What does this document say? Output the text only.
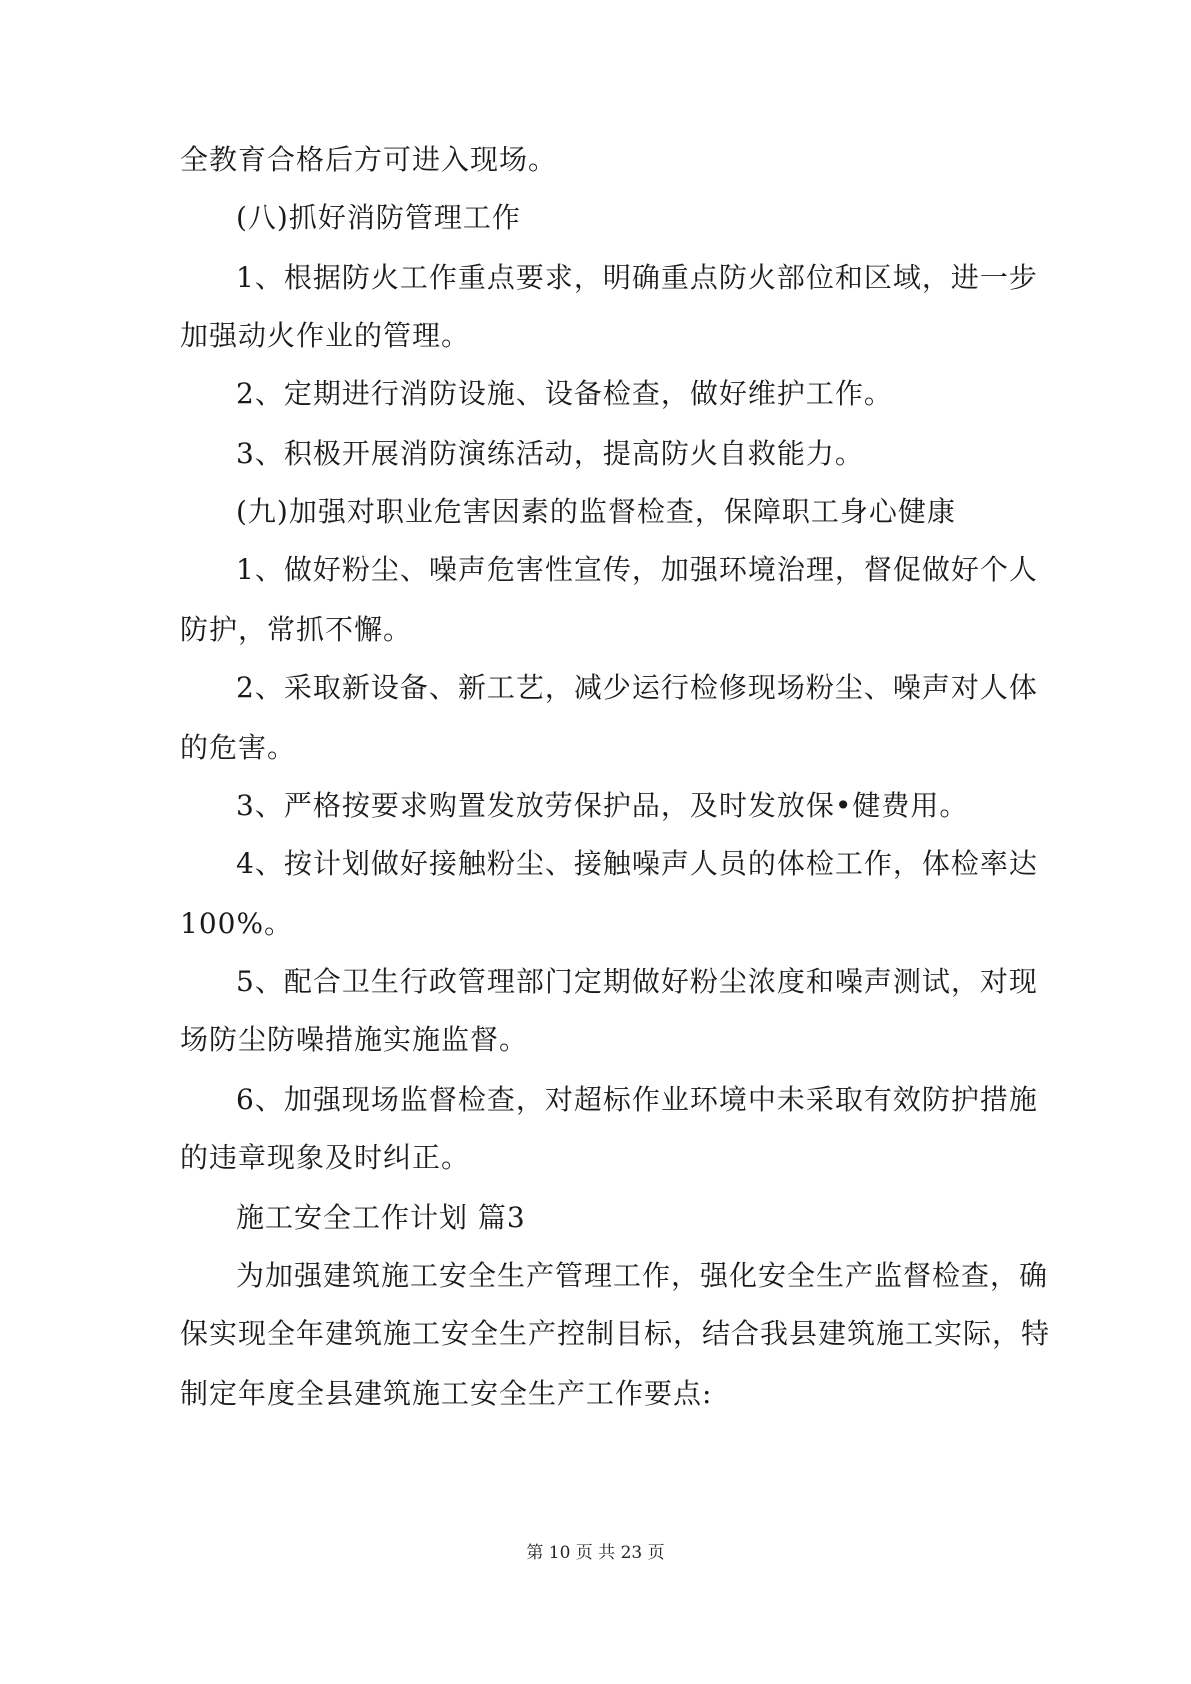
全教育合格后方可进入现场。
(八)抓好消防管理工作
1、根据防火工作重点要求，明确重点防火部位和区域，进一步
加强动火作业的管理。
2、定期进行消防设施、设备检查，做好维护工作。
3、积极开展消防演练活动，提高防火自救能力。
(九)加强对职业危害因素的监督检查，保障职工身心健康
1、做好粉尘、噪声危害性宣传，加强环境治理，督促做好个人
防护，常抓不懈。
2、采取新设备、新工艺，减少运行检修现场粉尘、噪声对人体
的危害。
3、严格按要求购置发放劳保护品，及时发放保•健费用。
4、按计划做好接触粉尘、接触噪声人员的体检工作，体检率达
100%。
5、配合卫生行政管理部门定期做好粉尘浓度和噪声测试，对现
场防尘防噪措施实施监督。
6、加强现场监督检查，对超标作业环境中未采取有效防护措施
的违章现象及时纠正。
施工安全工作计划 篇3
为加强建筑施工安全生产管理工作，强化安全生产监督检查，确
保实现全年建筑施工安全生产控制目标，结合我县建筑施工实际，特
制定年度全县建筑施工安全生产工作要点:
第 10 页 共 23 页
